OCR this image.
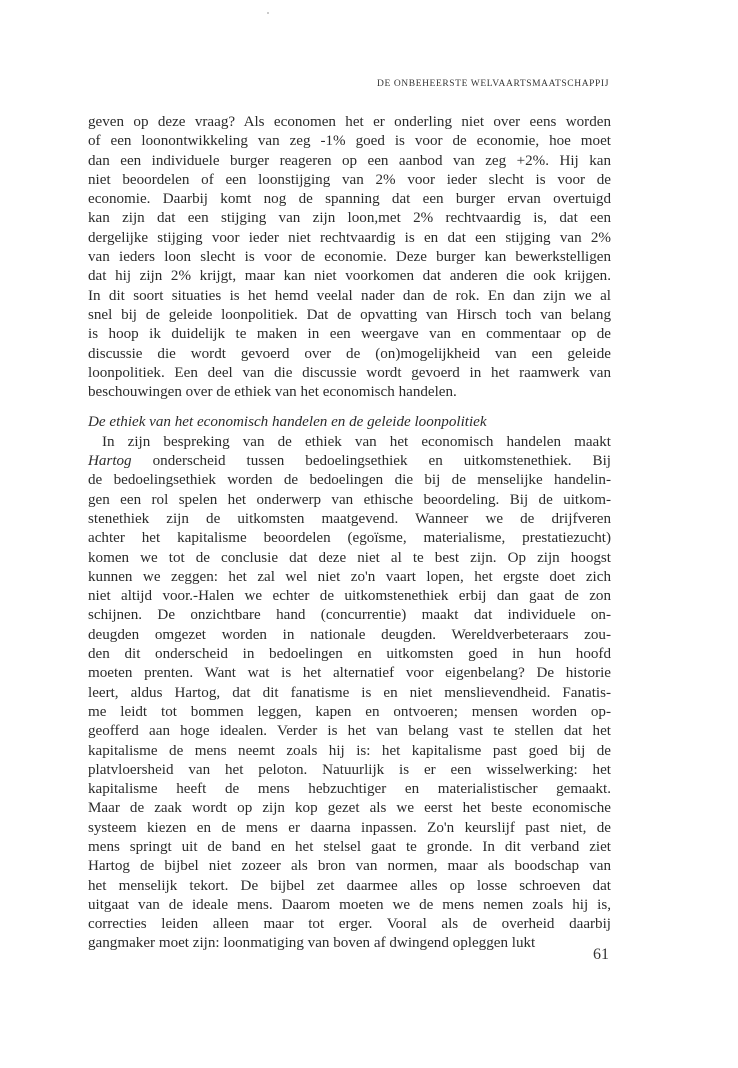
DE ONBEHEERSTE WELVAARTSMAATSCHAPPIJ
geven op deze vraag? Als economen het er onderling niet over eens worden
of een loonontwikkeling van zeg -1% goed is voor de economie, hoe moet
dan een individuele burger reageren op een aanbod van zeg +2%. Hij kan
niet beoordelen of een loonstijging van 2% voor ieder slecht is voor de
economie. Daarbij komt nog de spanning dat een burger ervan overtuigd
kan zijn dat een stijging van zijn loon,met 2% rechtvaardig is, dat een
dergelijke stijging voor ieder niet rechtvaardig is en dat een stijging van 2%
van ieders loon slecht is voor de economie. Deze burger kan bewerkstelligen
dat hij zijn 2% krijgt, maar kan niet voorkomen dat anderen die ook krijgen.
In dit soort situaties is het hemd veelal nader dan de rok. En dan zijn we al
snel bij de geleide loonpolitiek. Dat de opvatting van Hirsch toch van belang
is hoop ik duidelijk te maken in een weergave van en commentaar op de
discussie die wordt gevoerd over de (on)mogelijkheid van een geleide
loonpolitiek. Een deel van die discussie wordt gevoerd in het raamwerk van
beschouwingen over de ethiek van het economisch handelen.
De ethiek van het economisch handelen en de geleide loonpolitiek
In zijn bespreking van de ethiek van het economisch handelen maakt
Hartog onderscheid tussen bedoelingsethiek en uitkomstenethiek. Bij
de bedoelingsethiek worden de bedoelingen die bij de menselijke handelin-
gen een rol spelen het onderwerp van ethische beoordeling. Bij de uitkom-
stenethiek zijn de uitkomsten maatgevend. Wanneer we de drijfveren
achter het kapitalisme beoordelen (egoïsme, materialisme, prestatiezucht)
komen we tot de conclusie dat deze niet al te best zijn. Op zijn hoogst
kunnen we zeggen: het zal wel niet zo'n vaart lopen, het ergste doet zich
niet altijd voor.-Halen we echter de uitkomstenethiek erbij dan gaat de zon
schijnen. De onzichtbare hand (concurrentie) maakt dat individuele on-
deugden omgezet worden in nationale deugden. Wereldverbeteraars zou-
den dit onderscheid in bedoelingen en uitkomsten goed in hun hoofd
moeten prenten. Want wat is het alternatief voor eigenbelang? De historie
leert, aldus Hartog, dat dit fanatisme is en niet menslievendheid. Fanatis-
me leidt tot bommen leggen, kapen en ontvoeren; mensen worden op-
geofferd aan hoge idealen. Verder is het van belang vast te stellen dat het
kapitalisme de mens neemt zoals hij is: het kapitalisme past goed bij de
platvloersheid van het peloton. Natuurlijk is er een wisselwerking: het
kapitalisme heeft de mens hebzuchtiger en materialistischer gemaakt.
Maar de zaak wordt op zijn kop gezet als we eerst het beste economische
systeem kiezen en de mens er daarna inpassen. Zo'n keurslijf past niet, de
mens springt uit de band en het stelsel gaat te gronde. In dit verband ziet
Hartog de bijbel niet zozeer als bron van normen, maar als boodschap van
het menselijk tekort. De bijbel zet daarmee alles op losse schroeven dat
uitgaat van de ideale mens. Daarom moeten we de mens nemen zoals hij is,
correcties leiden alleen maar tot erger. Vooral als de overheid daarbij
gangmaker moet zijn: loonmatiging van boven af dwingend opleggen lukt
61
